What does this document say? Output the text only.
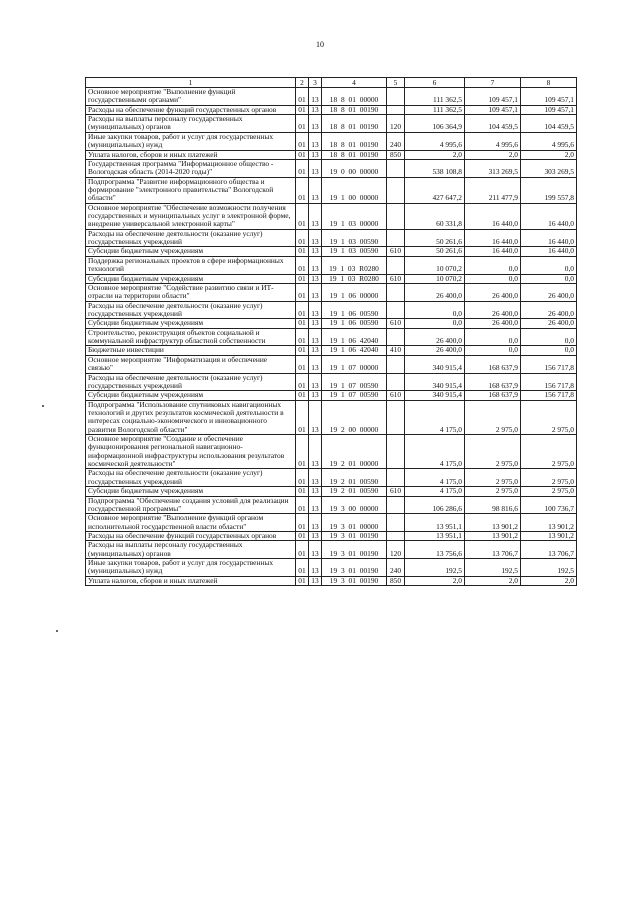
10
1	2	3	4	5	6	7	8
Основное мероприятие "Выполнение функций государственными органами"	01	13	18 8 01 00000		111 362,5	109 457,1	109 457,1
Расходы на обеспечение функций государственных органов	01	13	18 8 01 00190		111 362,5	109 457,1	109 457,1
Расходы на выплаты персоналу государственных (муниципальных) органов	01	13	18 8 01 00190	120	106 364,9	104 459,5	104 459,5
Иные закупки товаров, работ и услуг для государственных (муниципальных) нужд	01	13	18 8 01 00190	240	4 995,6	4 995,6	4 995,6
Уплата налогов, сборов и иных платежей	01	13	18 8 01 00190	850	2,0	2,0	2,0
Государственная программа "Информационное общество - Вологодская область (2014-2020 годы)"	01	13	19 0 00 00000		538 108,8	313 269,5	303 269,5
Подпрограмма "Развитие информационного общества и формирование "электронного правительства" Вологодской области"	01	13	19 1 00 00000		427 647,2	211 477,9	199 557,8
Основное мероприятие "Обеспечение возможности получения государственных и муниципальных услуг в электронной форме, внедрение универсальной электронной карты"	01	13	19 1 03 00000		60 331,8	16 440,0	16 440,0
Расходы на обеспечение деятельности (оказание услуг) государственных учреждений	01	13	19 1 03 00590		50 261,6	16 440,0	16 440,0
Субсидии бюджетным учреждениям	01	13	19 1 03 00590	610	50 261,6	16 440,0	16 440,0
Поддержка региональных проектов в сфере информационных технологий	01	13	19 1 03 R0280		10 070,2	0,0	0,0
Субсидии бюджетным учреждениям	01	13	19 1 03 R0280	610	10 070,2	0,0	0,0
Основное мероприятие "Содействие развитию связи и ИТ-отрасли на территории области"	01	13	19 1 06 00000		26 400,0	26 400,0	26 400,0
Расходы на обеспечение деятельности (оказание услуг) государственных учреждений	01	13	19 1 06 00590		0,0	26 400,0	26 400,0
Субсидии бюджетным учреждениям	01	13	19 1 06 00590	610	0,0	26 400,0	26 400,0
Строительство, реконструкция объектов социальной и коммунальной инфраструктур областной собственности	01	13	19 1 06 42040		26 400,0	0,0	0,0
Бюджетные инвестиции	01	13	19 1 06 42040	410	26 400,0	0,0	0,0
Основное мероприятие "Информатизация и обеспечение связью"	01	13	19 1 07 00000		340 915,4	168 637,9	156 717,8
Расходы на обеспечение деятельности (оказание услуг) государственных учреждений	01	13	19 1 07 00590		340 915,4	168 637,9	156 717,8
Субсидии бюджетным учреждениям	01	13	19 1 07 00590	610	340 915,4	168 637,9	156 717,8
Подпрограмма "Использование спутниковых навигационных технологий и других результатов космической деятельности в интересах социально-экономического и инновационного развития Вологодской области"	01	13	19 2 00 00000		4 175,0	2 975,0	2 975,0
Основное мероприятие "Создание и обеспечение функционирования региональной навигационно-информационной инфраструктуры использования результатов космической деятельности"	01	13	19 2 01 00000		4 175,0	2 975,0	2 975,0
Расходы на обеспечение деятельности (оказание услуг) государственных учреждений	01	13	19 2 01 00590		4 175,0	2 975,0	2 975,0
Субсидии бюджетным учреждениям	01	13	19 2 01 00590	610	4 175,0	2 975,0	2 975,0
Подпрограмма "Обеспечение создания условий для реализации государственной программы"	01	13	19 3 00 00000		106 286,6	98 816,6	100 736,7
Основное мероприятие "Выполнение функций органом исполнительной государственной власти области"	01	13	19 3 01 00000		13 951,1	13 901,2	13 901,2
Расходы на обеспечение функций государственных органов	01	13	19 3 01 00190		13 951,1	13 901,2	13 901,2
Расходы на выплаты персоналу государственных (муниципальных) органов	01	13	19 3 01 00190	120	13 756,6	13 706,7	13 706,7
Иные закупки товаров, работ и услуг для государственных (муниципальных) нужд	01	13	19 3 01 00190	240	192,5	192,5	192,5
Уплата налогов, сборов и иных платежей	01	13	19 3 01 00190	850	2,0	2,0	2,0
